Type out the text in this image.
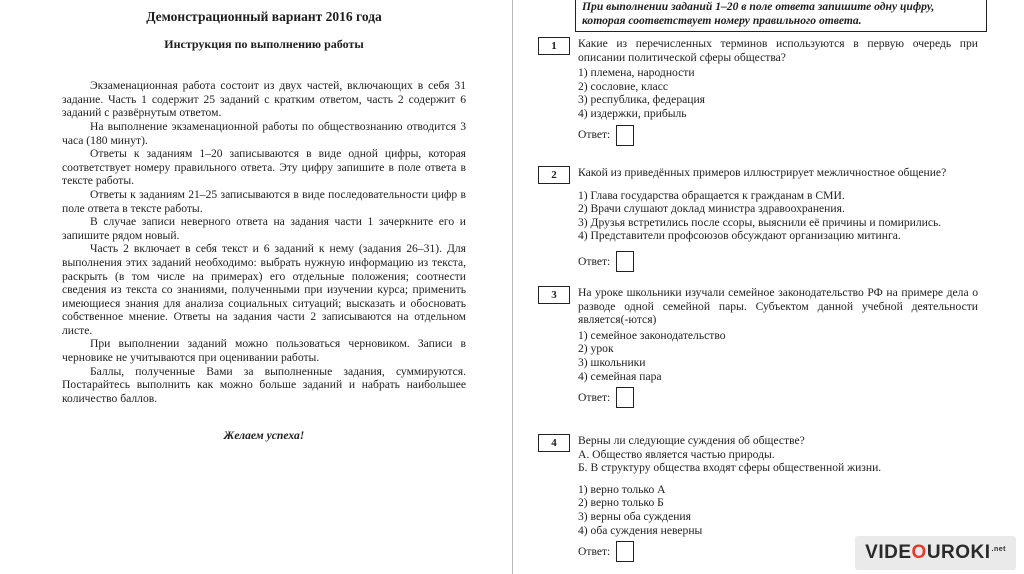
Демонстрационный вариант 2016 года
Инструкция по выполнению работы

Экзаменационная работа состоит из двух частей, включающих в себя 31 задание. Часть 1 содержит 25 заданий с кратким ответом, часть 2 содержит 6 заданий с развёрнутым ответом.

На выполнение экзаменационной работы по обществознанию отводится 3 часа (180 минут).

Ответы к заданиям 1–20 записываются в виде одной цифры, которая соответствует номеру правильного ответа. Эту цифру запишите в поле ответа в тексте работы.

Ответы к заданиям 21–25 записываются в виде последовательности цифр в поле ответа в тексте работы.

В случае записи неверного ответа на задания части 1 зачеркните его и запишите рядом новый.

Часть 2 включает в себя текст и 6 заданий к нему (задания 26–31). Для выполнения этих заданий необходимо: выбрать нужную информацию из текста, раскрыть (в том числе на примерах) его отдельные положения; соотнести сведения из текста со знаниями, полученными при изучении курса; применить имеющиеся знания для анализа социальных ситуаций; высказать и обосновать собственное мнение. Ответы на задания части 2 записываются на отдельном листе.

При выполнении заданий можно пользоваться черновиком. Записи в черновике не учитываются при оценивании работы.

Баллы, полученные Вами за выполненные задания, суммируются. Постарайтесь выполнить как можно больше заданий и набрать наибольшее количество баллов.

Желаем успеха!
При выполнении заданий 1–20 в поле ответа запишите одну цифру, которая соответствует номеру правильного ответа.
1	Какие из перечисленных терминов используются в первую очередь при описании политической сферы общества?
1) племена, народности
2) сословие, класс
3) республика, федерация
4) издержки, прибыль
Ответ:
2	Какой из приведённых примеров иллюстрирует межличностное общение?
1) Глава государства обращается к гражданам в СМИ.
2) Врачи слушают доклад министра здравоохранения.
3) Друзья встретились после ссоры, выяснили её причины и помирились.
4) Представители профсоюзов обсуждают организацию митинга.
Ответ:
3	На уроке школьники изучали семейное законодательство РФ на примере дела о разводе одной семейной пары. Субъектом данной учебной деятельности является(-ются)
1) семейное законодательство
2) урок
3) школьники
4) семейная пара
Ответ:
4	Верны ли следующие суждения об обществе?
А. Общество является частью природы.
Б. В структуру общества входят сферы общественной жизни.
1) верно только А
2) верно только Б
3) верны оба суждения
4) оба суждения неверны
Ответ:	$VIDEOUROKI^{.net}$
